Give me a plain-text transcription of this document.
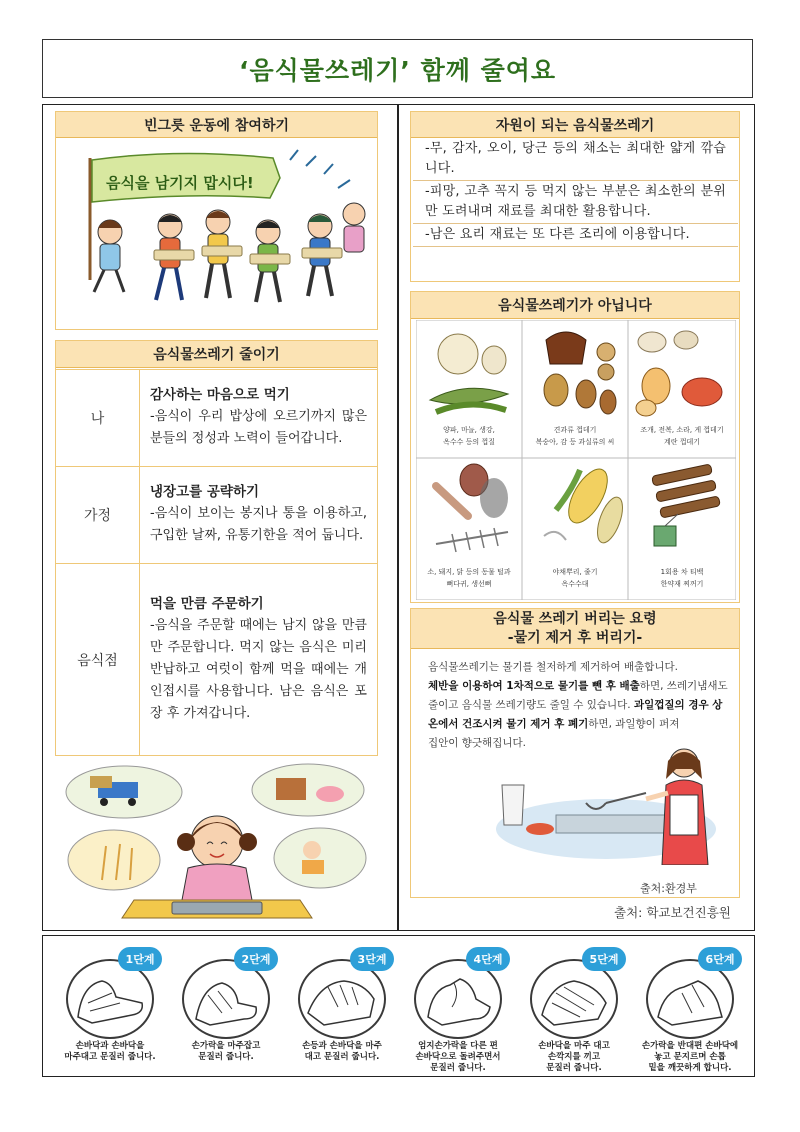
‘음식물쓰레기’ 함께 줄여요
빈그릇 운동에 참여하기
음식을 남기지 맙시다!
음식물쓰레기 줄이기
나	감사하는 마음으로 먹기
-음식이 우리 밥상에 오르기까지 많은 분들의 정성과 노력이 들어갑니다.
가정	냉장고를 공략하기
-음식이 보이는 봉지나 통을 이용하고, 구입한 날짜, 유통기한을 적어 둡니다.
음식점	먹을 만큼 주문하기
-음식을 주문할 때에는 남지 않을 만큼만 주문합니다. 먹지 않는 음식은 미리 반납하고 여럿이 함께 먹을 때에는 개인접시를 사용합니다. 남은 음식은 포장 후 가져갑니다.
자원이 되는 음식물쓰레기

-무, 감자, 오이, 당근 등의 채소는 최대한 얇게 깎습니다.

-피망, 고추 꼭지 등 먹지 않는 부분은 최소한의 분위만 도려내며 재료를 최대한 활용합니다.

-남은 요리 재료는 또 다른 조리에 이용합니다.

음식물쓰레기가 아닙니다
양파, 마늘, 생강,
옥수수 등의 껍질
견과류 껍데기
복숭아, 감 등 과실류의 씨
조개, 전복, 소라, 게 껍데기
계란 껍데기
소, 돼지, 닭 등의 동물 털과
뼈다귀, 생선뼈
야채뿌리, 줄기
옥수수대
1회용 차 티백
한약재 찌꺼기
음식물 쓰레기 버리는 요령
-물기 제거 후 버리기-
음식물쓰레기는 물기를 철저하게 제거하여 배출합니다.
체반을 이용하여 1차적으로 물기를 뺀 후 배출하면, 쓰레기냄새도 줄이고 음식물 쓰레기량도 줄일 수 있습니다. 과일껍질의 경우 상온에서 건조시켜 물기 제거 후 폐기하면, 과일향이 퍼져
집안이 향긋해집니다.
출처:환경부
출처: 학교보건진흥원
1단계
손바닥과 손바닥을
마주대고 문질러 줍니다.

2단계
손가락을 마주잡고
문질러 줍니다.

3단계
손등과 손바닥을 마주
대고 문질러 줍니다.

4단계
엄지손가락을 다른 편
손바닥으로 돌려주면서
문질러 줍니다.
5단계
손바닥을 마주 대고
손깍지를 끼고
문질러 줍니다.
6단계
손가락을 반대편 손바닥에
놓고 문지르며 손톱
밑을 깨끗하게 합니다.
